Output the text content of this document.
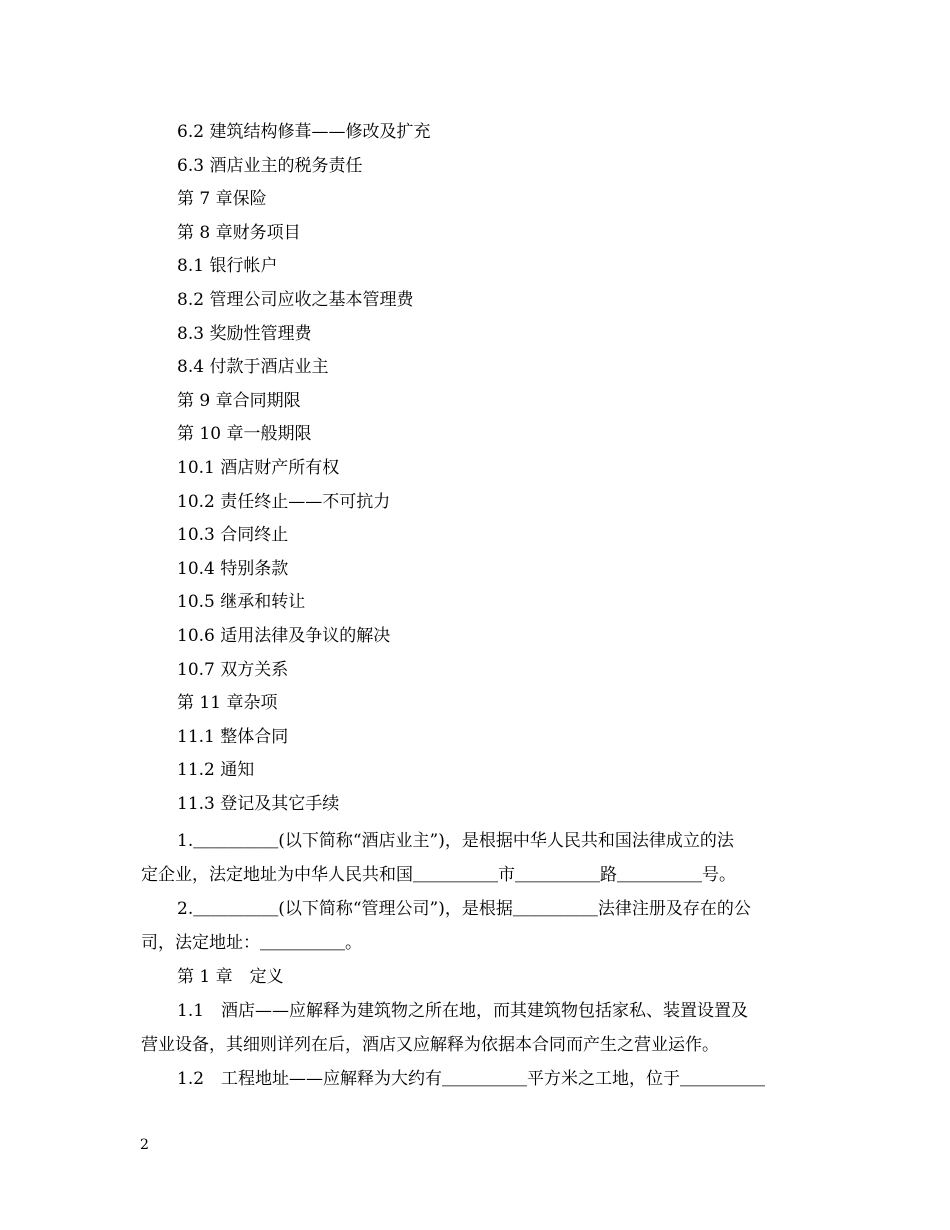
6.2 建筑结构修葺——修改及扩充
6.3 酒店业主的税务责任
第 7 章保险
第 8 章财务项目
8.1 银行帐户
8.2 管理公司应收之基本管理费
8.3 奖励性管理费
8.4 付款于酒店业主
第 9 章合同期限
第 10 章一般期限
10.1 酒店财产所有权
10.2 责任终止——不可抗力
10.3 合同终止
10.4 特别条款
10.5 继承和转让
10.6 适用法律及争议的解决
10.7 双方关系
第 11 章杂项
11.1 整体合同
11.2 通知
11.3 登记及其它手续

1.＿＿＿＿＿(以下简称“酒店业主”)，是根据中华人民共和国法律成立的法
定企业，法定地址为中华人民共和国＿＿＿＿＿市＿＿＿＿＿路＿＿＿＿＿号。

2.＿＿＿＿＿(以下简称“管理公司”)，是根据＿＿＿＿＿法律注册及存在的公
司，法定地址：＿＿＿＿＿。

第 1 章　定义

1.1　酒店——应解释为建筑物之所在地，而其建筑物包括家私、装置设置及
营业设备，其细则详列在后，酒店又应解释为依据本合同而产生之营业运作。

1.2　工程地址——应解释为大约有＿＿＿＿＿平方米之工地，位于＿＿＿＿＿

2
